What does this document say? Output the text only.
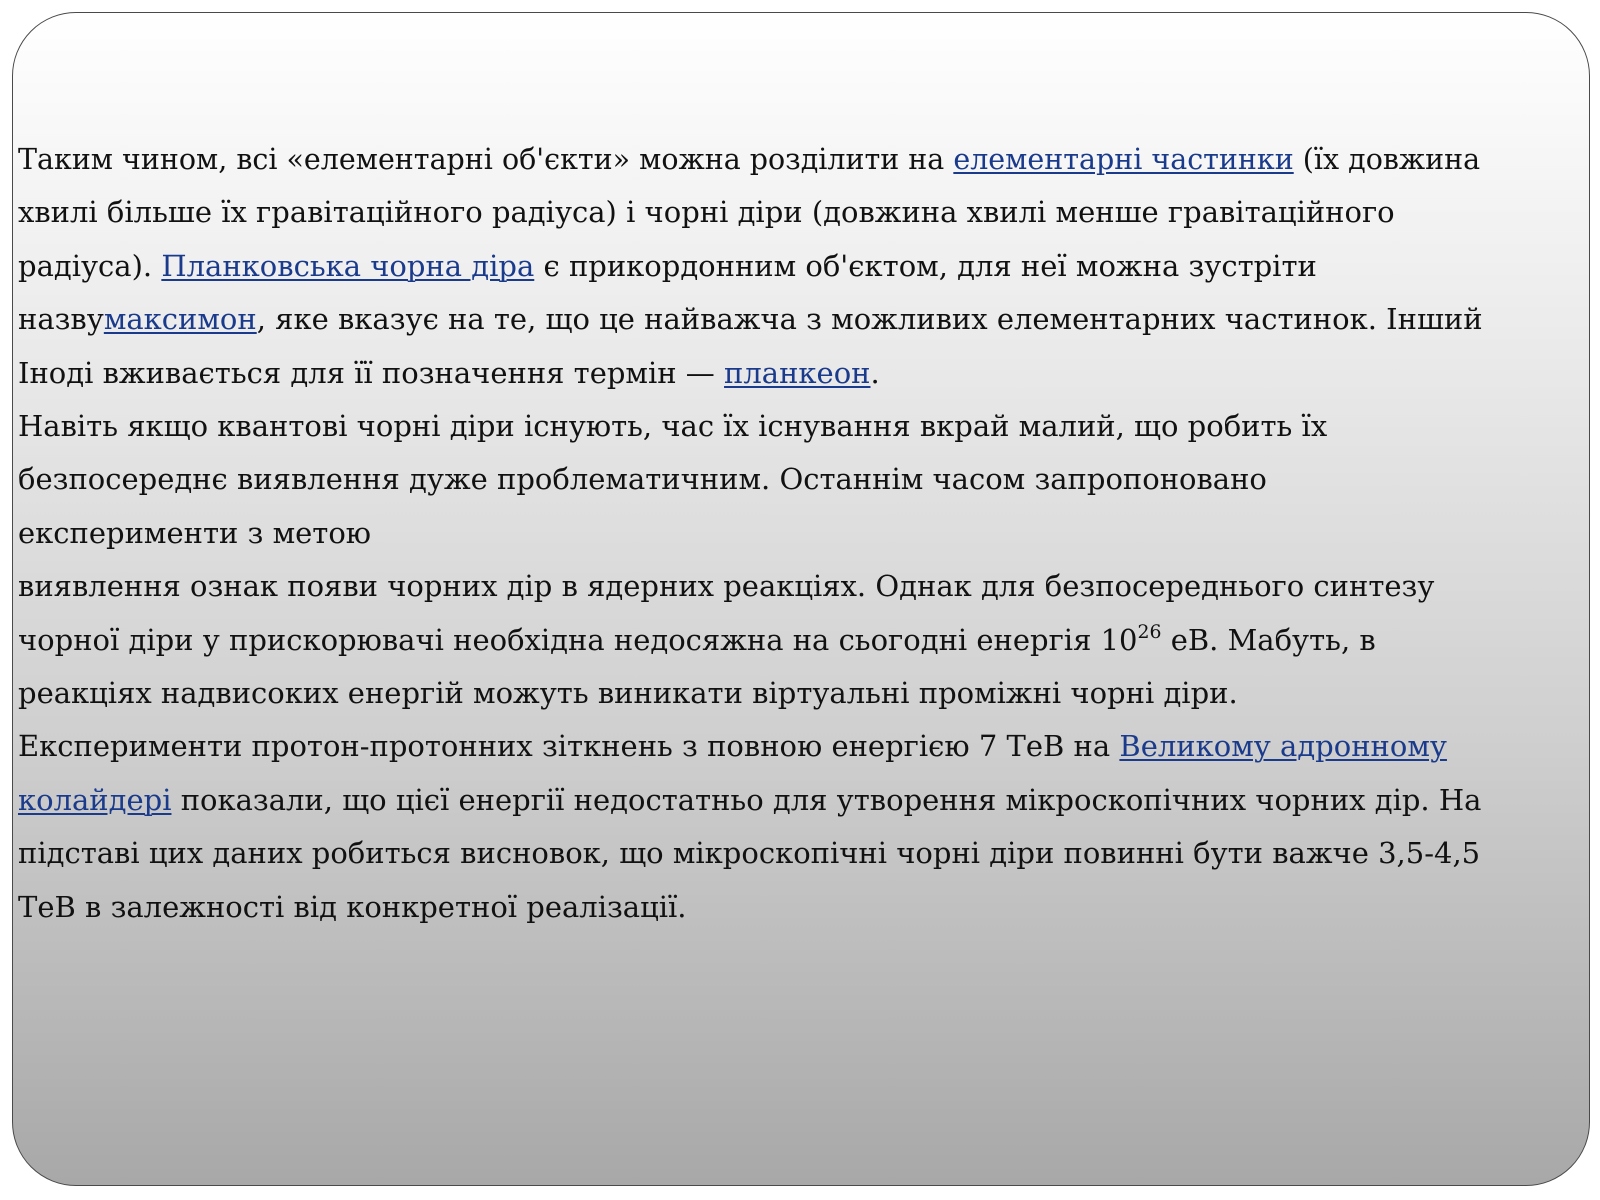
Таким чином, всі «елементарні об'єкти» можна розділити на елементарні частинки (їх довжина
хвилі більше їх гравітаційного радіуса) і чорні діри (довжина хвилі менше гравітаційного
радіуса). Планковська чорна діра є прикордонним об'єктом, для неї можна зустріти
назвумаксимон, яке вказує на те, що це найважча з можливих елементарних частинок. Інший
Іноді вживається для її позначення термін — планкеон.
Навіть якщо квантові чорні діри існують, час їх існування вкрай малий, що робить їх
безпосереднє виявлення дуже проблематичним. Останнім часом запропоновано
експерименти з метою
виявлення ознак появи чорних дір в ядерних реакціях. Однак для безпосереднього синтезу
чорної діри у прискорювачі необхідна недосяжна на сьогодні енергія $10^{26}$ еВ. Мабуть, в
реакціях надвисоких енергій можуть виникати віртуальні проміжні чорні діри.
Експерименти протон-протонних зіткнень з повною енергією 7 ТеВ на Великому адронному
колайдері показали, що цієї енергії недостатньо для утворення мікроскопічних чорних дір. На
підставі цих даних робиться висновок, що мікроскопічні чорні діри повинні бути важче 3,5-4,5
ТеВ в залежності від конкретної реалізації.
